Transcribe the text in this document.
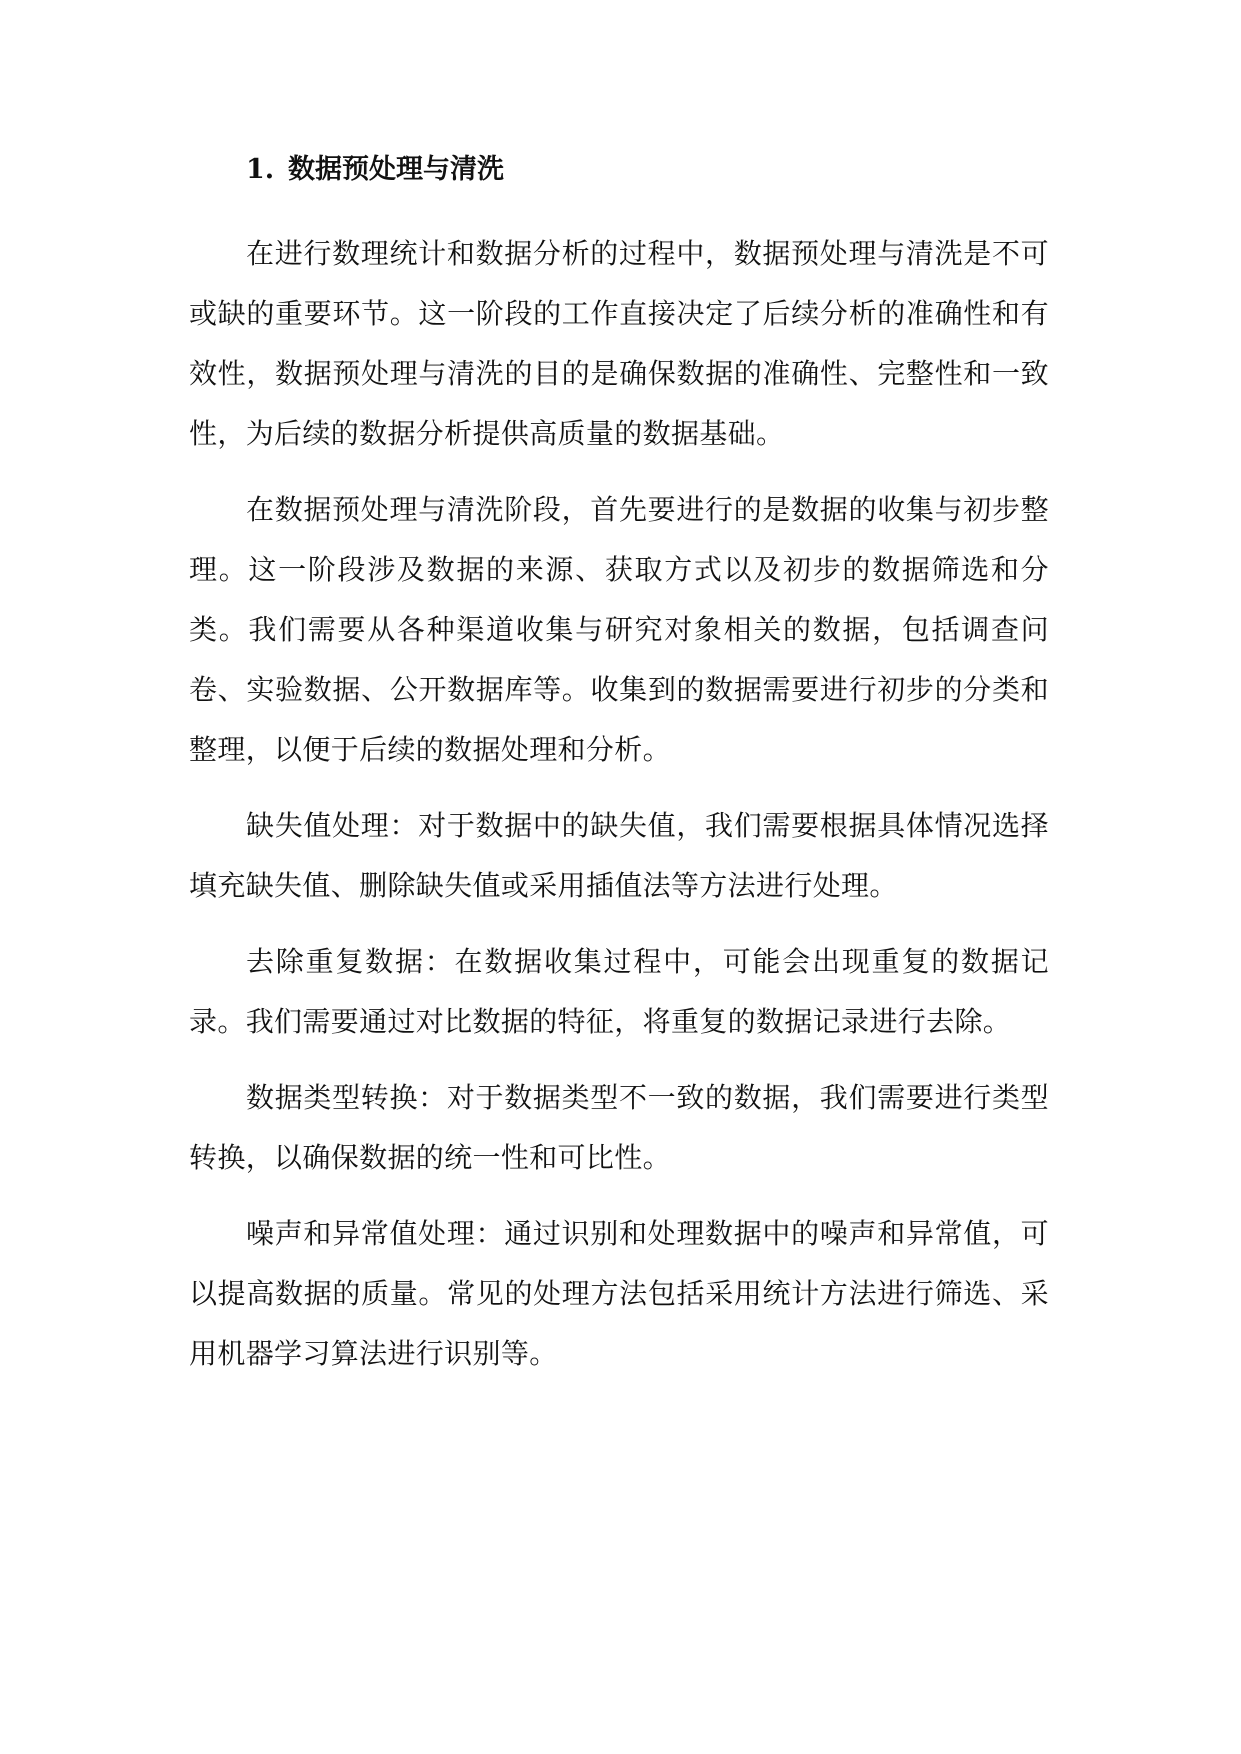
1. 数据预处理与清洗

在进行数理统计和数据分析的过程中，数据预处理与清洗是不可或缺的重要环节。这一阶段的工作直接决定了后续分析的准确性和有效性，数据预处理与清洗的目的是确保数据的准确性、完整性和一致性，为后续的数据分析提供高质量的数据基础。

在数据预处理与清洗阶段，首先要进行的是数据的收集与初步整理。这一阶段涉及数据的来源、获取方式以及初步的数据筛选和分类。我们需要从各种渠道收集与研究对象相关的数据，包括调查问卷、实验数据、公开数据库等。收集到的数据需要进行初步的分类和整理，以便于后续的数据处理和分析。

缺失值处理：对于数据中的缺失值，我们需要根据具体情况选择填充缺失值、删除缺失值或采用插值法等方法进行处理。

去除重复数据：在数据收集过程中，可能会出现重复的数据记录。我们需要通过对比数据的特征，将重复的数据记录进行去除。

数据类型转换：对于数据类型不一致的数据，我们需要进行类型转换，以确保数据的统一性和可比性。

噪声和异常值处理：通过识别和处理数据中的噪声和异常值，可以提高数据的质量。常见的处理方法包括采用统计方法进行筛选、采用机器学习算法进行识别等。
